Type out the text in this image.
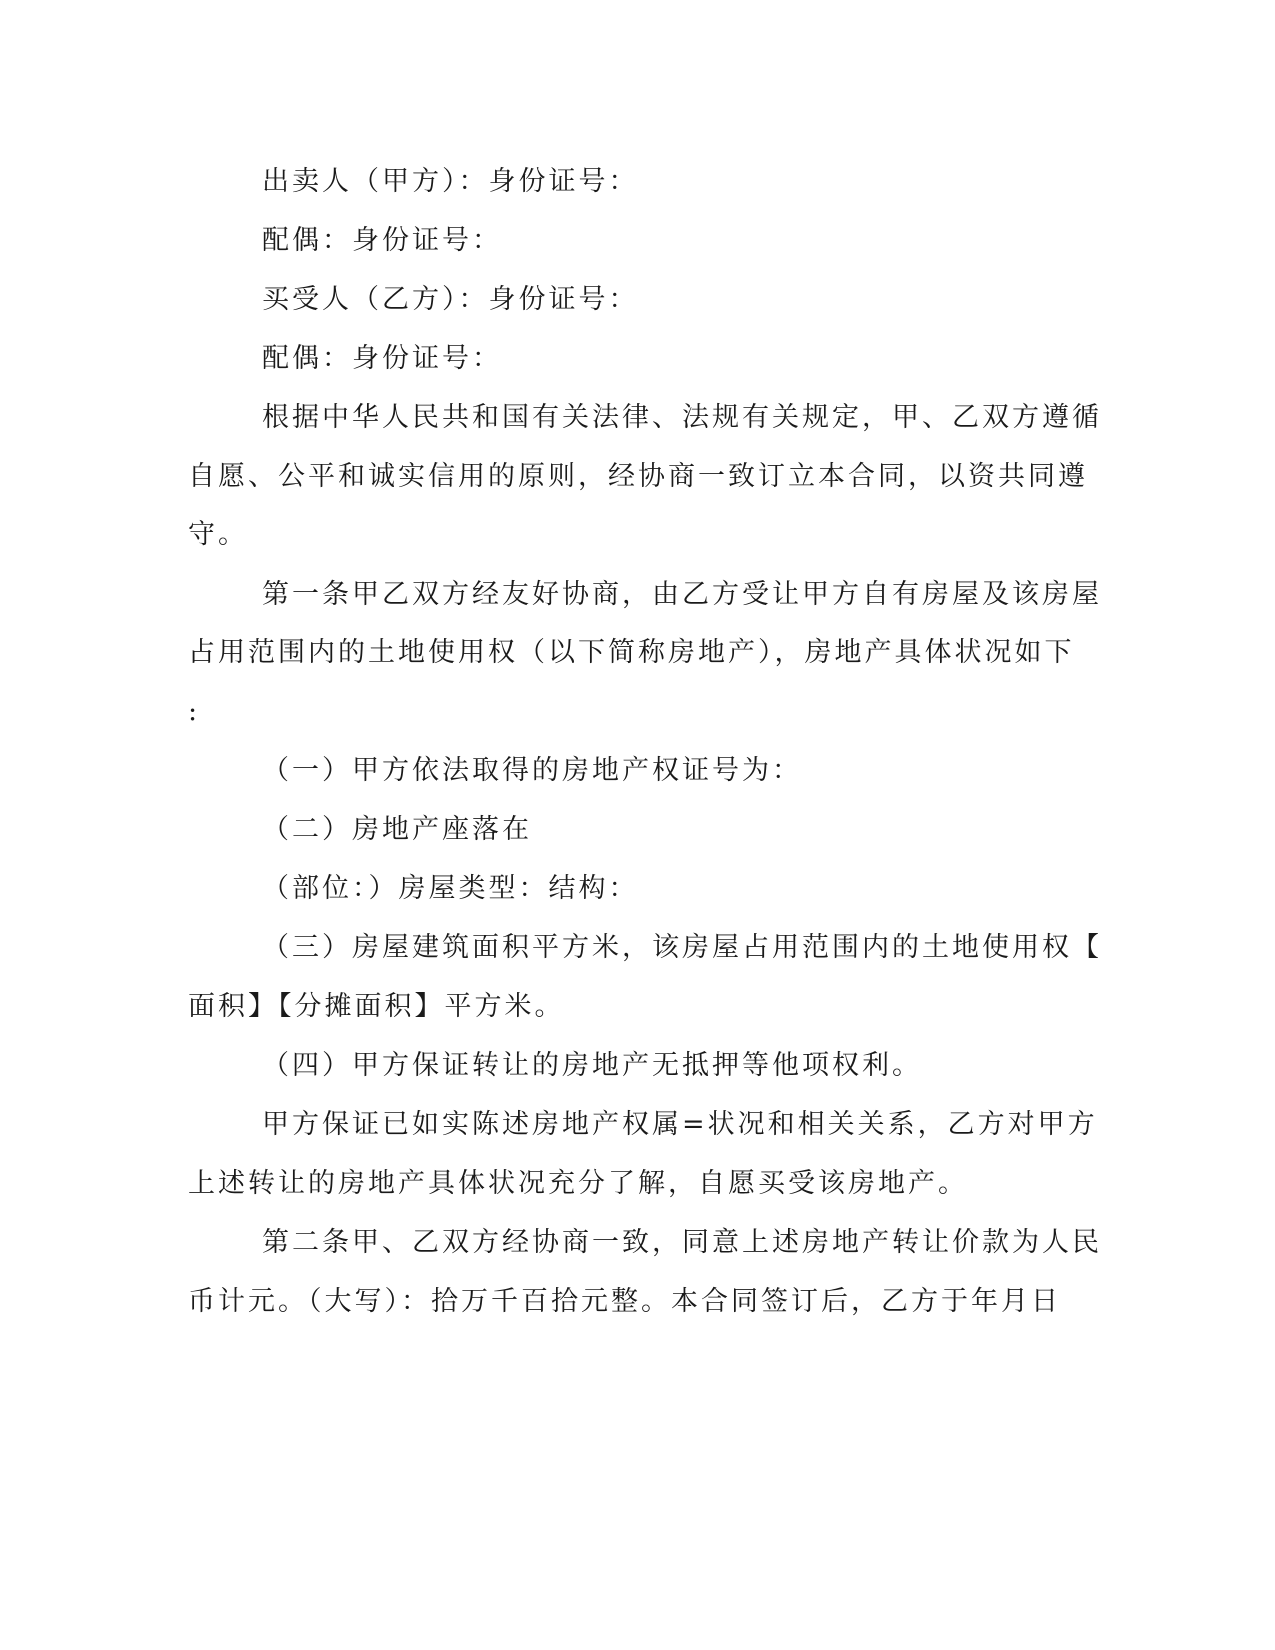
出卖人（甲方）：身份证号：
配偶：身份证号：
买受人（乙方）：身份证号：
配偶：身份证号：
根据中华人民共和国有关法律、法规有关规定，甲、乙双方遵循
自愿、公平和诚实信用的原则，经协商一致订立本合同，以资共同遵
守。
第一条甲乙双方经友好协商，由乙方受让甲方自有房屋及该房屋
占用范围内的土地使用权（以下简称房地产），房地产具体状况如下
:
（一）甲方依法取得的房地产权证号为：
（二）房地产座落在
（部位：）房屋类型：结构：
（三）房屋建筑面积平方米，该房屋占用范围内的土地使用权【
面积】【分摊面积】平方米。
（四）甲方保证转让的房地产无抵押等他项权利。
甲方保证已如实陈述房地产权属=状况和相关关系，乙方对甲方
上述转让的房地产具体状况充分了解，自愿买受该房地产。
第二条甲、乙双方经协商一致，同意上述房地产转让价款为人民
币计元。（大写）：拾万千百拾元整。本合同签订后，乙方于年月日
